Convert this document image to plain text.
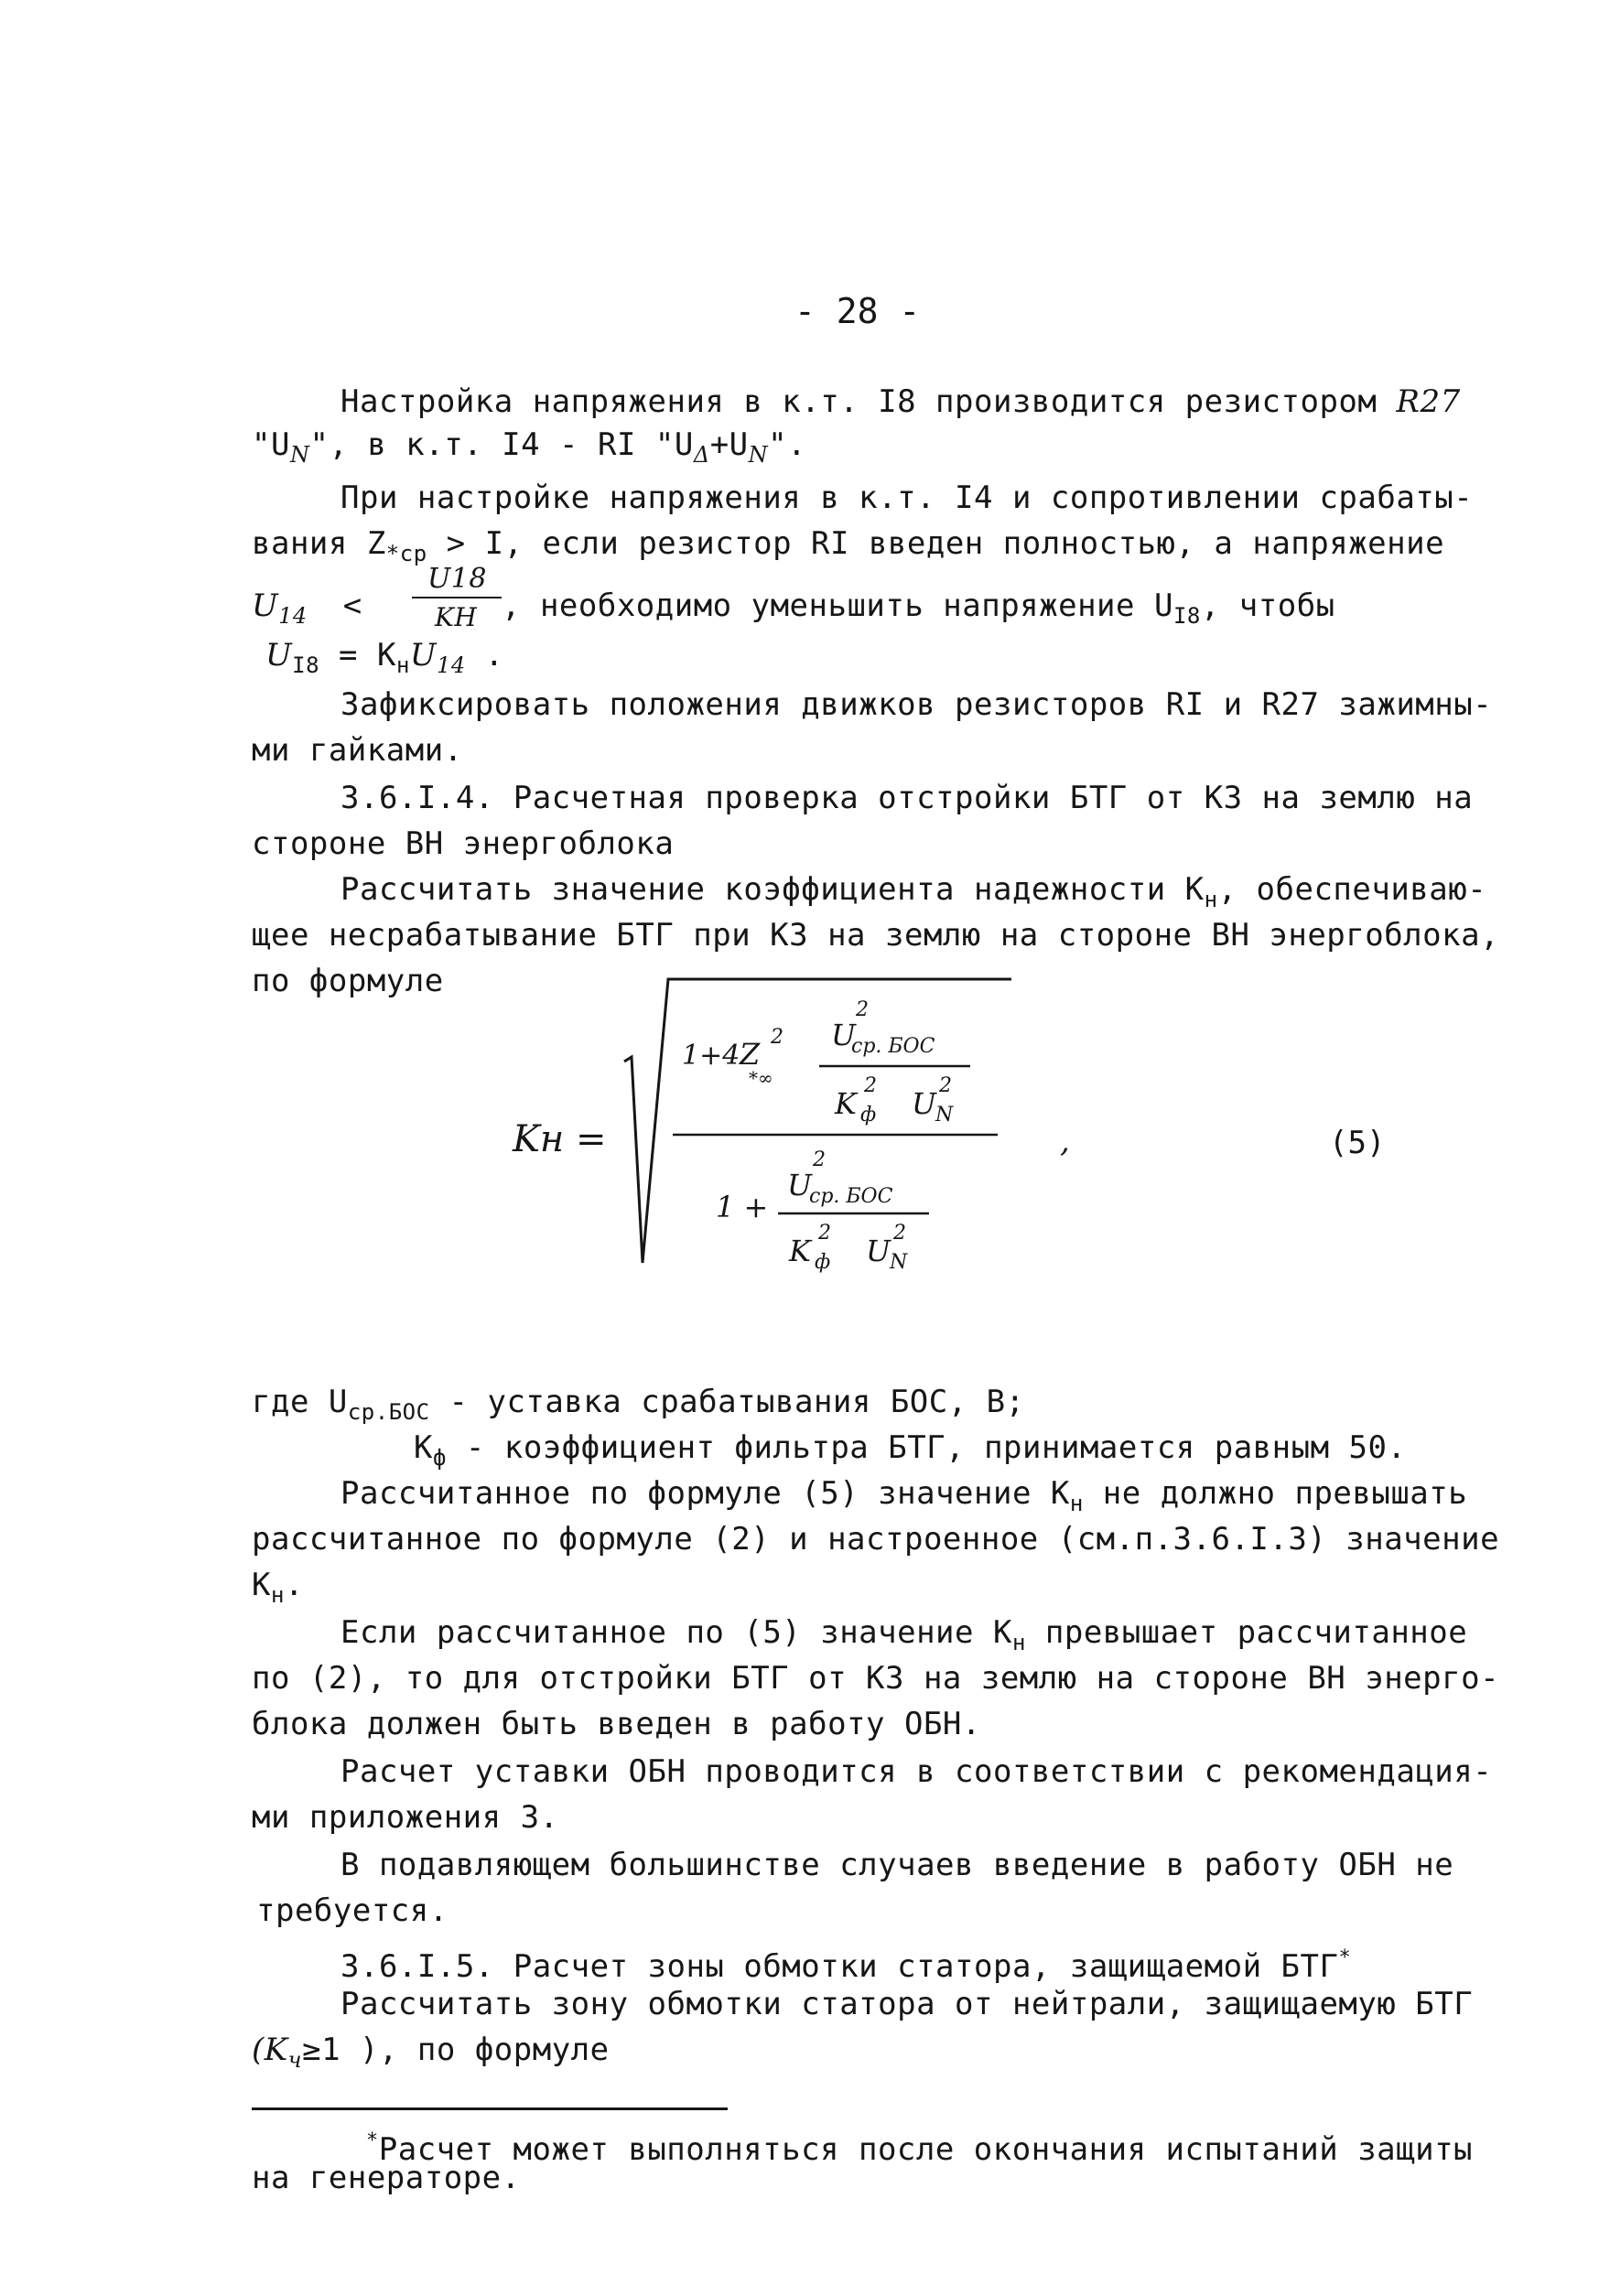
- 28 -
Настройка напряжения в к.т. I8 производится резистором R27
"$U_N$", в к.т. I4 - RI "$U_\Delta+U_N$".
При настройке напряжения в к.т. I4 и сопротивлении срабаты-
вания $Z_{*ср} > I$, если резистор RI введен полностью, а напряжение
$U_{14}$ <
U18
KH , необходимо уменьшить напряжение $U_{I8}$, чтобы
$U_{I8} = K_нU_{14}$ .
Зафиксировать положения движков резисторов RI и R27 зажимны-
ми гайками.
3.6.I.4. Расчетная проверка отстройки БТГ от КЗ на землю на
стороне ВН энергоблока
Рассчитать значение коэффициента надежности $К_н$, обеспечиваю-
щее несрабатывание БТГ при КЗ на землю на стороне ВН энергоблока,
по формуле
Kн =
1+4 Z 2
*∞
U
2
ср. БОС
K
2
ф U
2
N
1 +
U
2
ср. БОС
K
2
ф U
2
N
,	(5)
где $U_{ср.БОС}$ - уставка срабатывания БОС, В;
$К_ф$ - коэффициент фильтра БТГ, принимается равным 50.
Рассчитанное по формуле (5) значение $К_н$ не должно превышать
рассчитанное по формуле (2) и настроенное (см.п.3.6.I.3) значение
$К_н$.
Если рассчитанное по (5) значение $К_н$ превышает рассчитанное
по (2), то для отстройки БТГ от КЗ на землю на стороне ВН энерго-
блока должен быть введен в работу ОБН.
Расчет уставки ОБН проводится в соответствии с рекомендация-
ми приложения 3.
В подавляющем большинстве случаев введение в работу ОБН не
требуется.
3.6.I.5. Расчет зоны обмотки статора, защищаемой БТГ*
Рассчитать зону обмотки статора от нейтрали, защищаемую БТГ
($K_ч\ge 1$ ), по формуле
*Расчет может выполняться после окончания испытаний защиты
на генераторе.
